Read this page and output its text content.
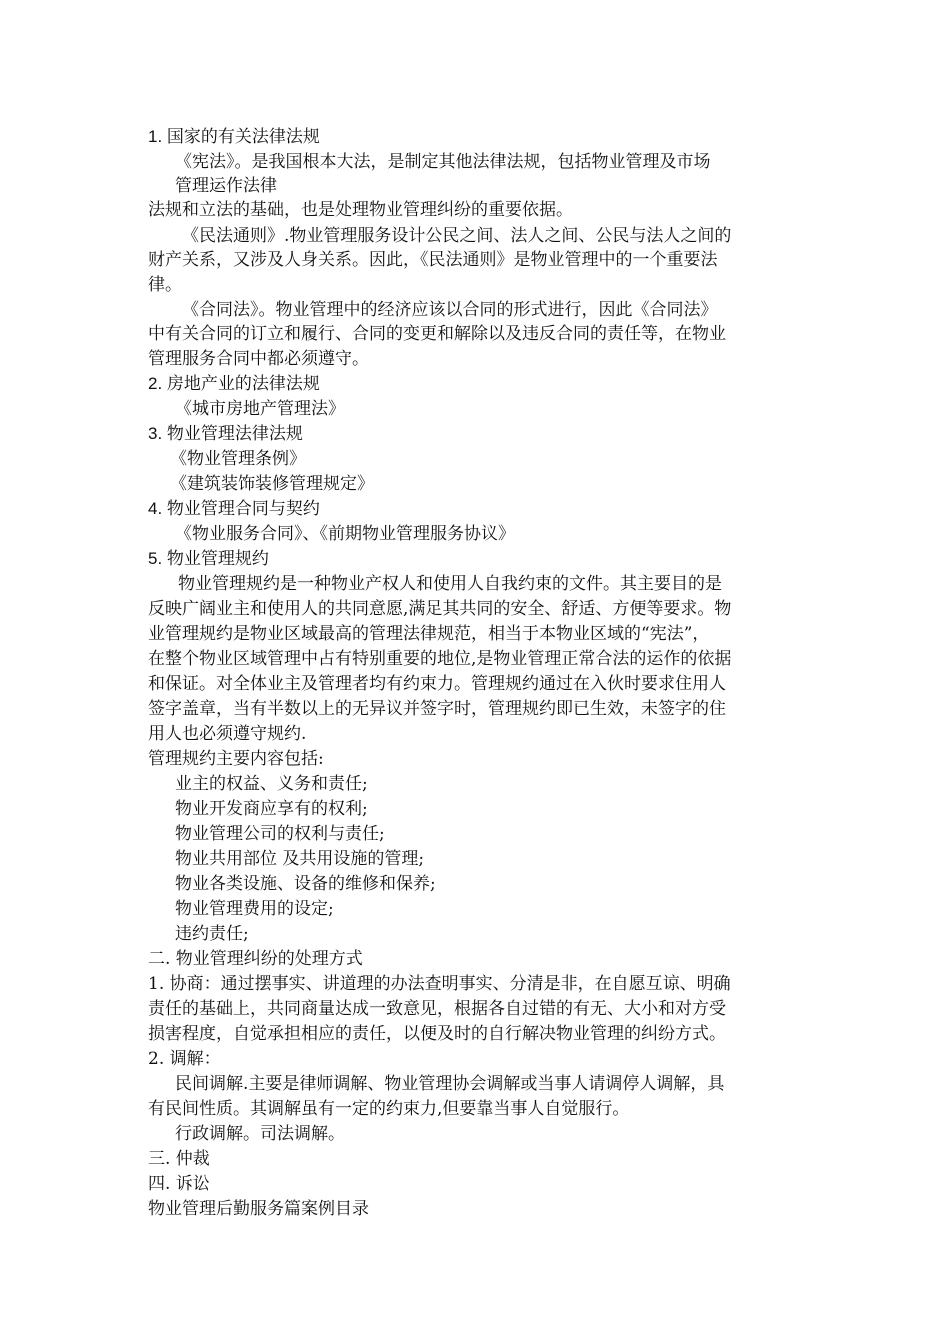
1. 国家的有关法律法规
《宪法》。是我国根本大法，是制定其他法律法规，包括物业管理及市场
管理运作法律
法规和立法的基础，也是处理物业管理纠纷的重要依据。
《民法通则》.物业管理服务设计公民之间、法人之间、公民与法人之间的
财产关系，又涉及人身关系。因此，《民法通则》是物业管理中的一个重要法
律。
《合同法》。物业管理中的经济应该以合同的形式进行，因此《合同法》
中有关合同的订立和履行、合同的变更和解除以及违反合同的责任等，在物业
管理服务合同中都必须遵守。
2. 房地产业的法律法规
《城市房地产管理法》
3. 物业管理法律法规
《物业管理条例》
《建筑装饰装修管理规定》
4. 物业管理合同与契约
《物业服务合同》、《前期物业管理服务协议》
5. 物业管理规约
物业管理规约是一种物业产权人和使用人自我约束的文件。其主要目的是
反映广阔业主和使用人的共同意愿,满足其共同的安全、舒适、方便等要求。物
业管理规约是物业区域最高的管理法律规范，相当于本物业区域的“宪法”，
在整个物业区域管理中占有特别重要的地位,是物业管理正常合法的运作的依据
和保证。对全体业主及管理者均有约束力。管理规约通过在入伙时要求住用人
签字盖章，当有半数以上的无异议并签字时，管理规约即已生效，未签字的住
用人也必须遵守规约.
管理规约主要内容包括:
业主的权益、义务和责任;
物业开发商应享有的权利;
物业管理公司的权利与责任;
物业共用部位 及共用设施的管理;
物业各类设施、设备的维修和保养;
物业管理费用的设定;
违约责任;
二. 物业管理纠纷的处理方式
1. 协商：通过摆事实、讲道理的办法查明事实、分清是非，在自愿互谅、明确
责任的基础上，共同商量达成一致意见，根据各自过错的有无、大小和对方受
损害程度，自觉承担相应的责任，以便及时的自行解决物业管理的纠纷方式。
2. 调解：
民间调解.主要是律师调解、物业管理协会调解或当事人请调停人调解，具
有民间性质。其调解虽有一定的约束力,但要靠当事人自觉服行。
行政调解。司法调解。
三. 仲裁
四. 诉讼
物业管理后勤服务篇案例目录
